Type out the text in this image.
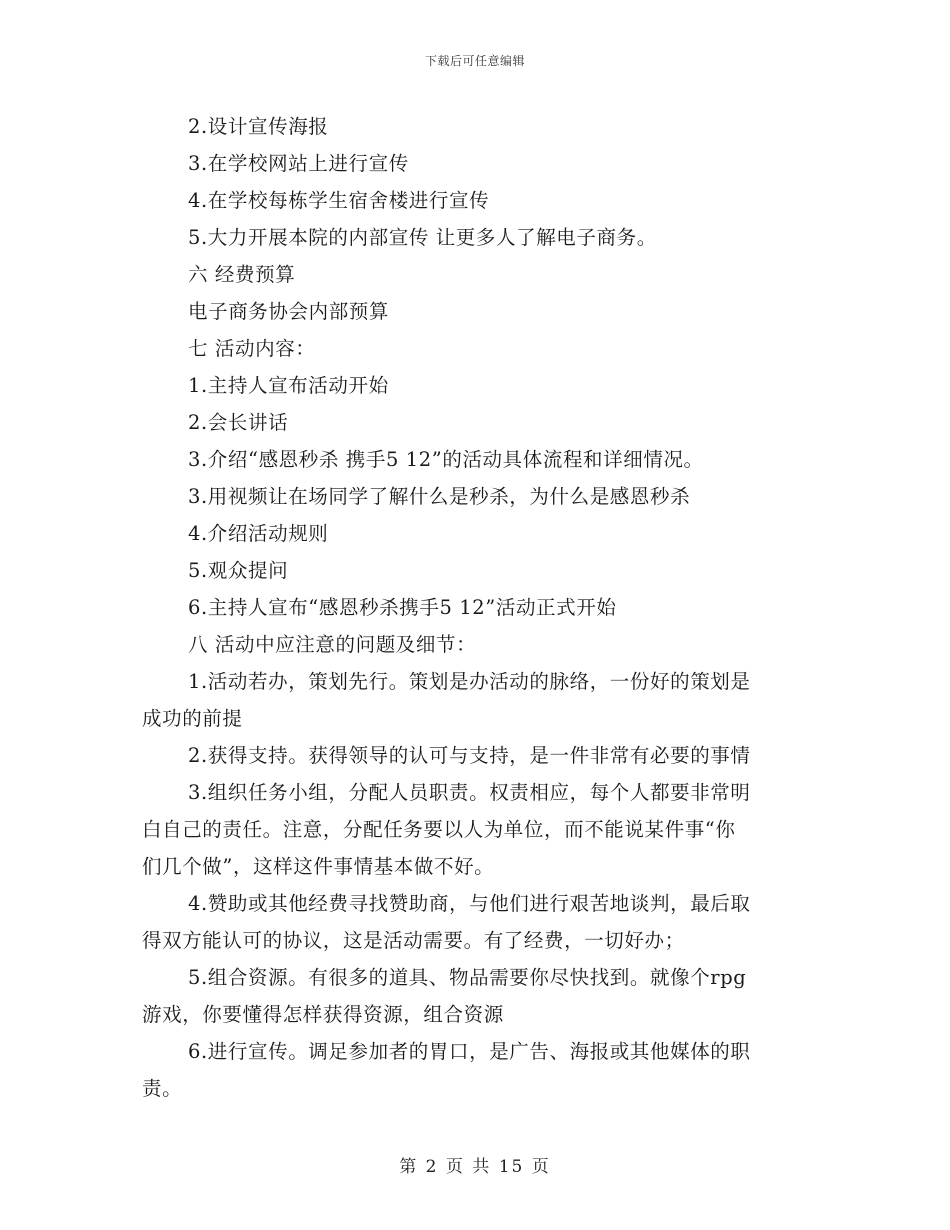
下载后可任意编辑
2.设计宣传海报
3.在学校网站上进行宣传
4.在学校每栋学生宿舍楼进行宣传
5.大力开展本院的内部宣传 让更多人了解电子商务。
六 经费预算
电子商务协会内部预算
七 活动内容：
1.主持人宣布活动开始
2.会长讲话
3.介绍“感恩秒杀 携手5 12”的活动具体流程和详细情况。
3.用视频让在场同学了解什么是秒杀，为什么是感恩秒杀
4.介绍活动规则
5.观众提问
6.主持人宣布“感恩秒杀携手5 12”活动正式开始
八 活动中应注意的问题及细节：
1.活动若办，策划先行。策划是办活动的脉络，一份好的策划是
成功的前提
2.获得支持。获得领导的认可与支持，是一件非常有必要的事情
3.组织任务小组，分配人员职责。权责相应，每个人都要非常明
白自己的责任。注意，分配任务要以人为单位，而不能说某件事“你
们几个做”，这样这件事情基本做不好。
4.赞助或其他经费寻找赞助商，与他们进行艰苦地谈判，最后取
得双方能认可的协议，这是活动需要。有了经费，一切好办；
5.组合资源。有很多的道具、物品需要你尽快找到。就像个rpg
游戏，你要懂得怎样获得资源，组合资源
6.进行宣传。调足参加者的胃口，是广告、海报或其他媒体的职
责。
第 2 页 共 15 页
